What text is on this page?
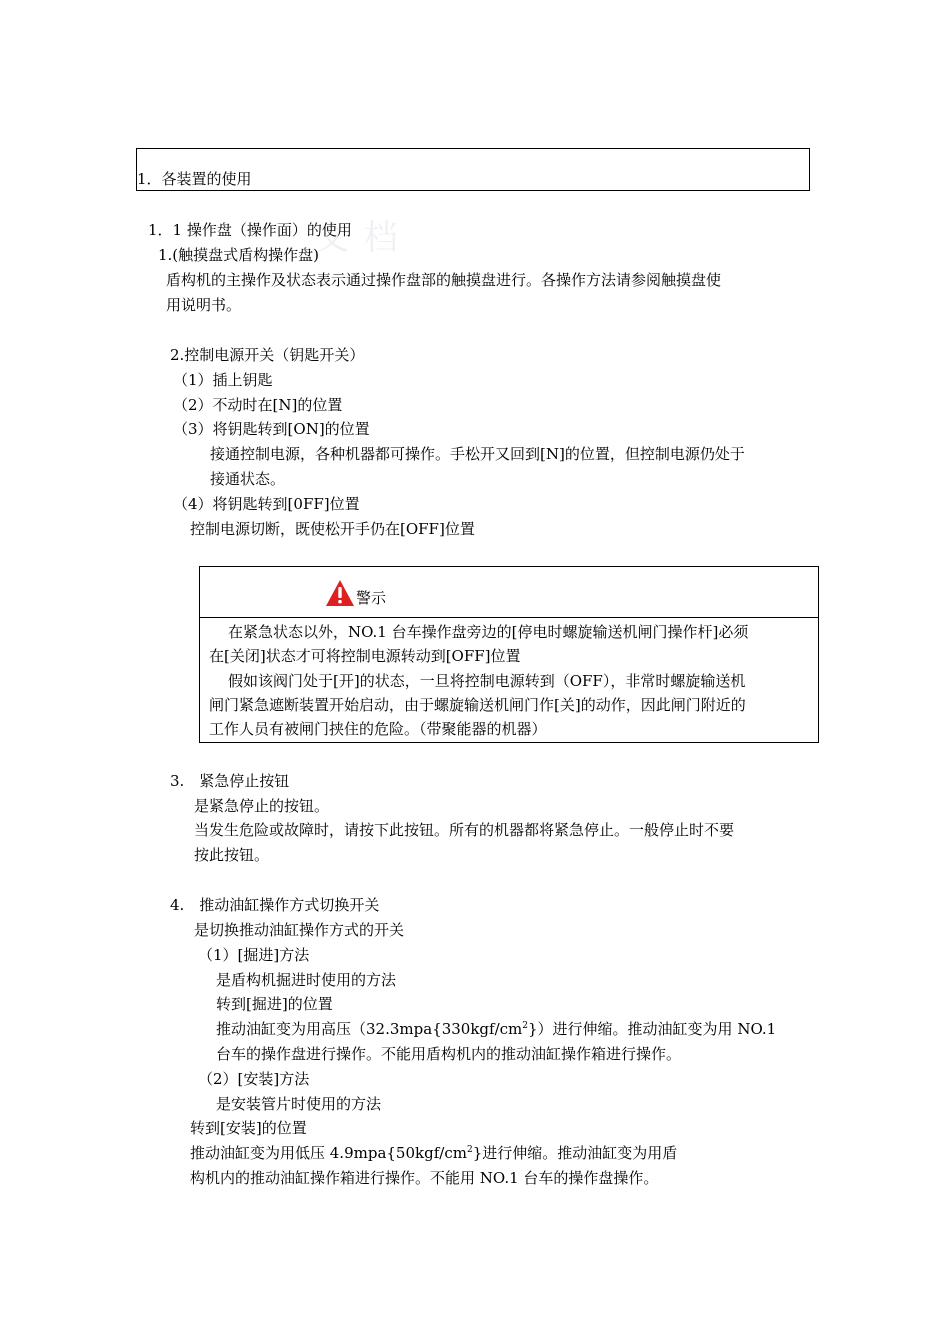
文 档
1．各装置的使用
1．1 操作盘（操作面）的使用
1.(触摸盘式盾构操作盘)
盾构机的主操作及状态表示通过操作盘部的触摸盘进行。各操作方法请参阅触摸盘使
用说明书。
2.控制电源开关（钥匙开关）
（1）插上钥匙
（2）不动时在[N]的位置
（3）将钥匙转到[ON]的位置
接通控制电源，各种机器都可操作。手松开又回到[N]的位置，但控制电源仍处于
接通状态。
（4）将钥匙转到[0FF]位置
控制电源切断，既使松开手仍在[OFF]位置
警示
在紧急状态以外，NO.1 台车操作盘旁边的[停电时螺旋输送机闸门操作杆]必须
在[关闭]状态才可将控制电源转动到[OFF]位置
假如该阀门处于[开]的状态，一旦将控制电源转到（OFF），非常时螺旋输送机
闸门紧急遮断装置开始启动，由于螺旋输送机闸门作[关]的动作，因此闸门附近的
工作人员有被闸门挟住的危险。（带聚能器的机器）
3.　紧急停止按钮
是紧急停止的按钮。
当发生危险或故障时，请按下此按钮。所有的机器都将紧急停止。一般停止时不要
按此按钮。
4.　推动油缸操作方式切换开关
是切换推动油缸操作方式的开关
（1）[掘进]方法
是盾构机掘进时使用的方法
转到[掘进]的位置
推动油缸变为用高压$(32.3mpa\{330kgf/cm^2\})$进行伸缩。推动油缸变为用 NO.1
台车的操作盘进行操作。不能用盾构机内的推动油缸操作箱进行操作。
（2）[安装]方法
是安装管片时使用的方法
转到[安装]的位置
推动油缸变为用低压 $4.9mpa\{50kgf/cm^2\}$进行伸缩。推动油缸变为用盾
构机内的推动油缸操作箱进行操作。不能用 NO.1 台车的操作盘操作。
